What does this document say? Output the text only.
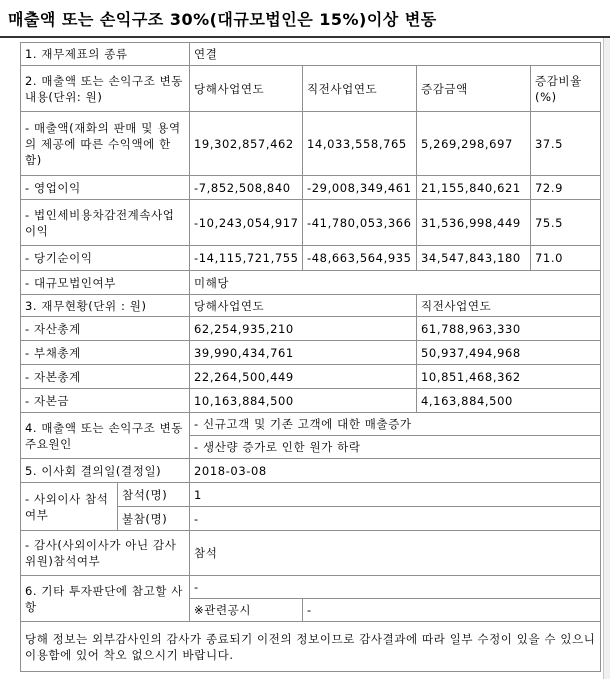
매출액 또는 손익구조 30%(대규모법인은 15%)이상 변동
1. 재무제표의 종류		연결			
2. 매출액 또는 손익구조 변동내용(단위: 원)		당해사업연도	직전사업연도	증감금액	증감비율 (%)
- 매출액(재화의 판매 및 용역의 제공에 따른 수익액에 한함)		19,302,857,462	14,033,558,765	5,269,298,697	37.5
- 영업이익		-7,852,508,840	-29,008,349,461	21,155,840,621	72.9
- 법인세비용차감전계속사업이익		-10,243,054,917	-41,780,053,366	31,536,998,449	75.5
- 당기순이익		-14,115,721,755	-48,663,564,935	34,547,843,180	71.0
- 대규모법인여부		미해당			
3. 재무현황(단위 : 원)		당해사업연도		직전사업연도	
- 자산총계		62,254,935,210		61,788,963,330	
- 부채총계		39,990,434,761		50,937,494,968	
- 자본총계		22,264,500,449		10,851,468,362	
- 자본금		10,163,884,500		4,163,884,500	
4. 매출액 또는 손익구조 변동 주요원인		- 신규고객 및 기존 고객에 대한 매출증가			
		- 생산량 증가로 인한 원가 하락			
5. 이사회 결의일(결정일)		2018-03-08			
- 사외이사 참석여부	참석(명)	1			
	불참(명)	-			
- 감사(사외이사가 아닌 감사위원)참석여부		참석			
6. 기타 투자판단에 참고할 사항		-			
		※관련공시	-		
당해 정보는 외부감사인의 감사가 종료되기 이전의 정보이므로 감사결과에 따라 일부 수정이 있을 수 있으니 이용함에 있어 착오 없으시기 바랍니다.					
